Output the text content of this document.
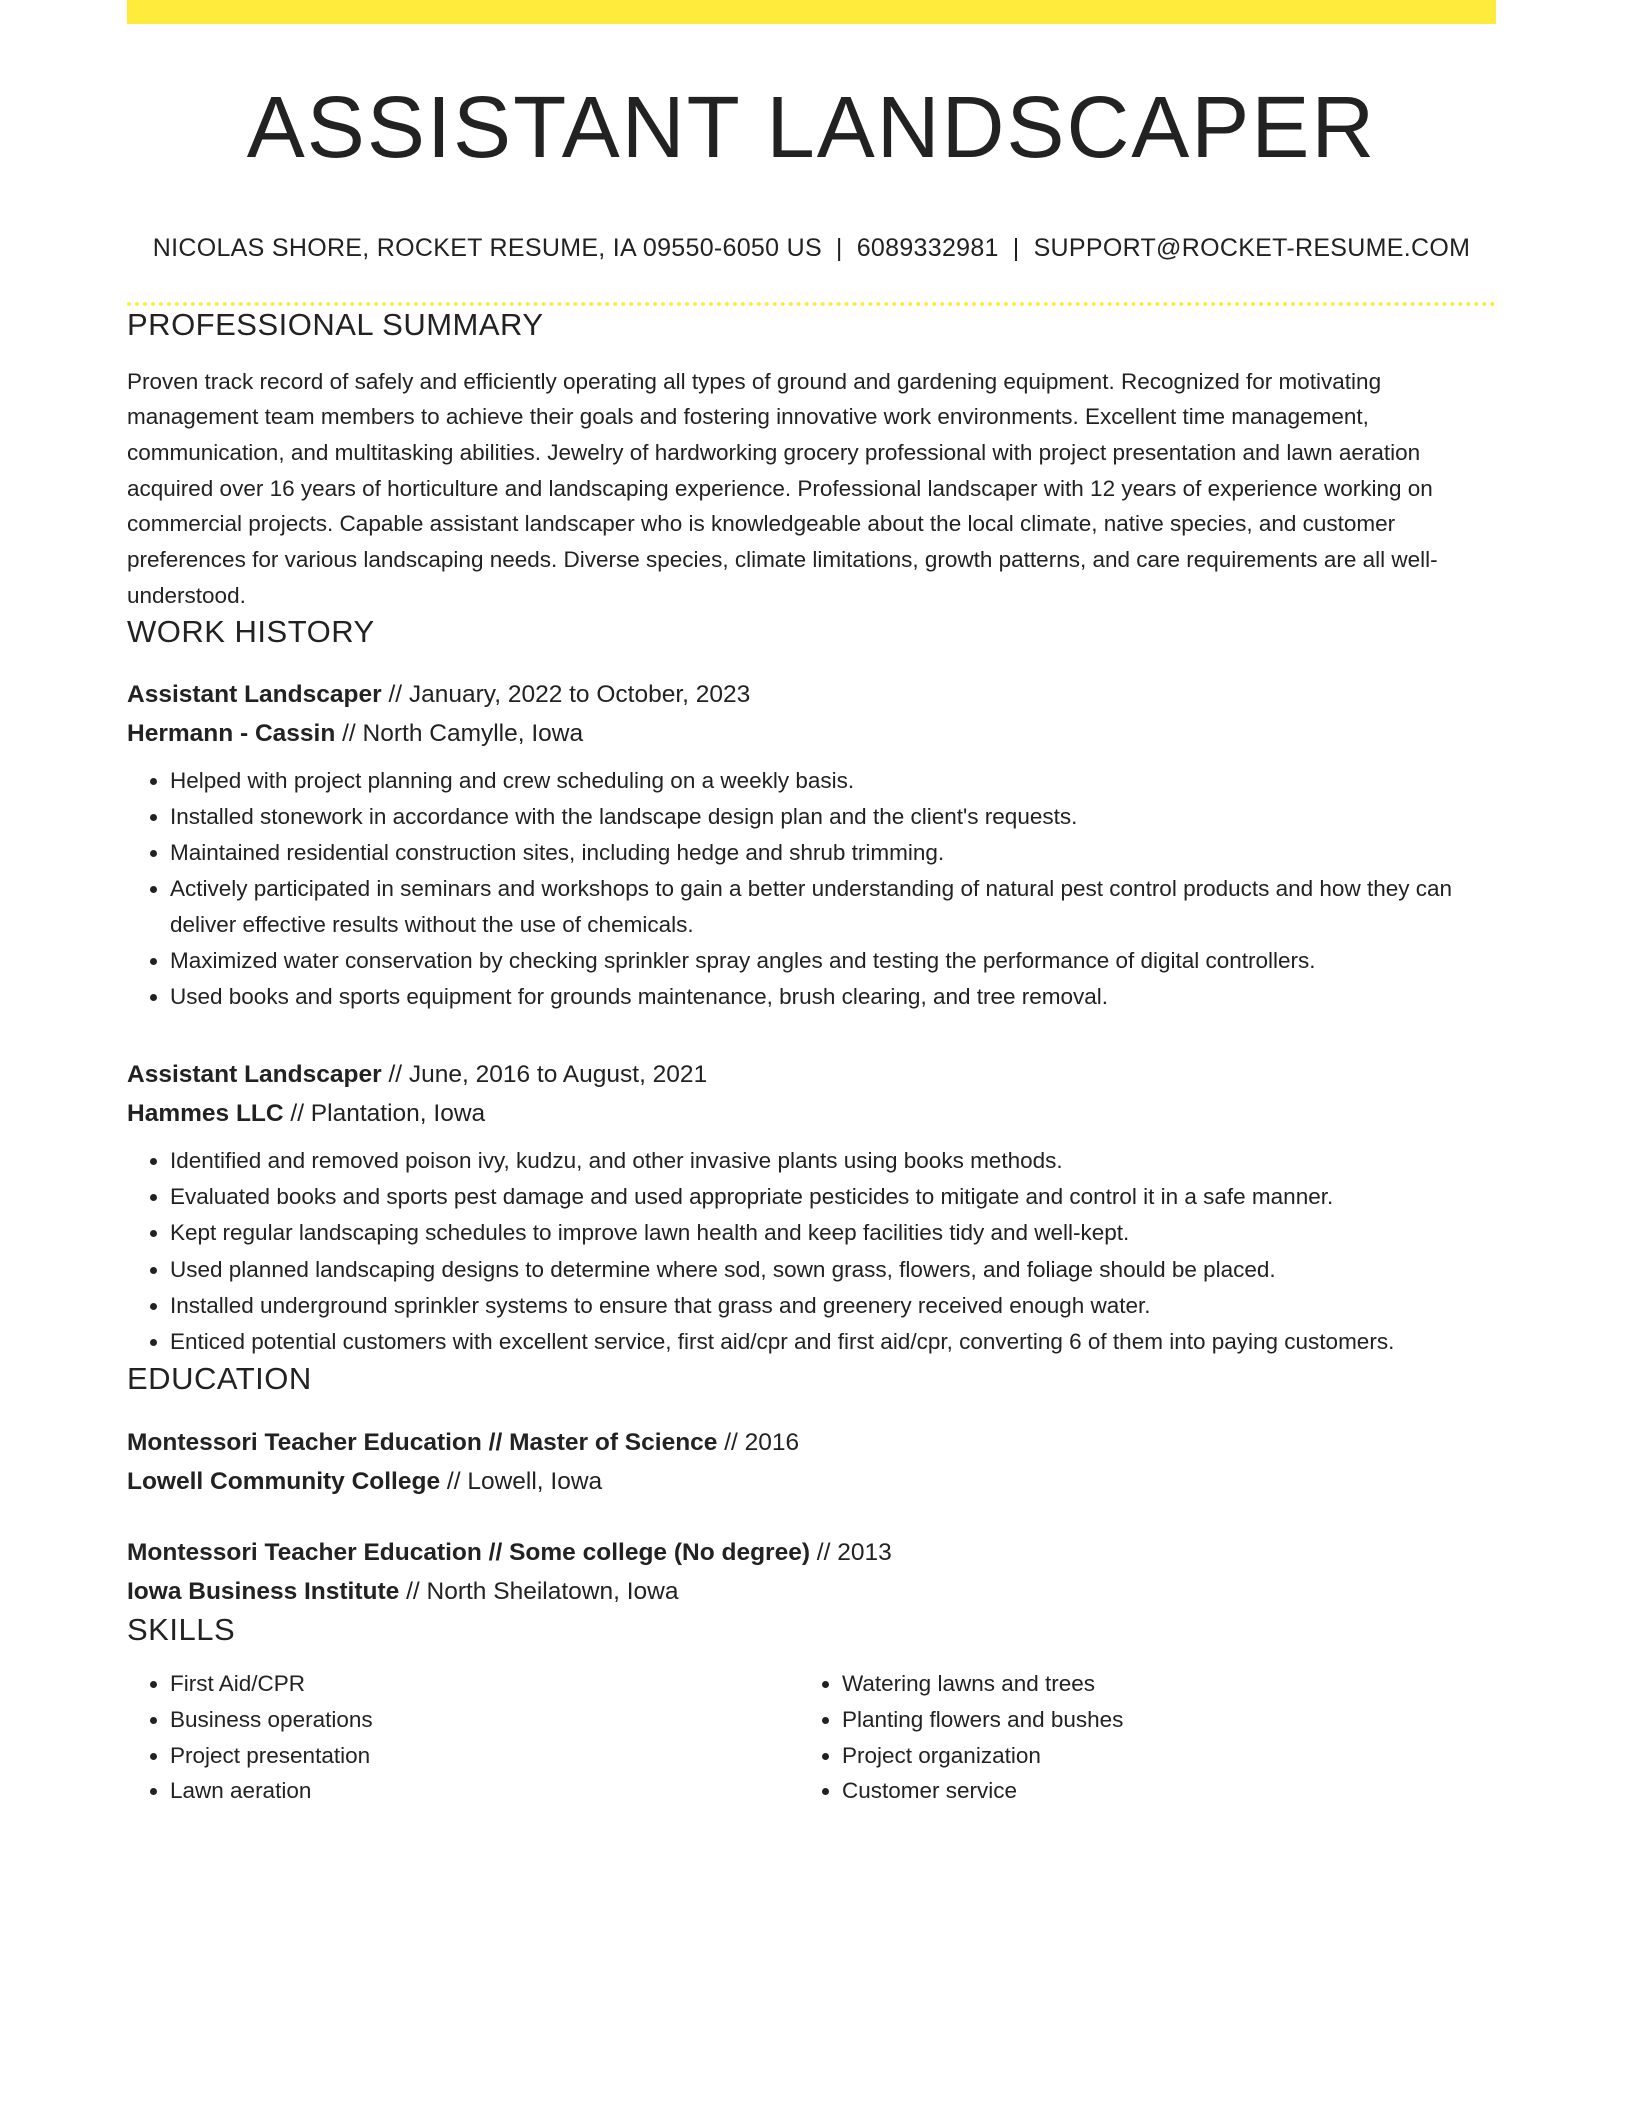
ASSISTANT LANDSCAPER
NICOLAS SHORE, ROCKET RESUME, IA 09550-6050 US | 6089332981 | SUPPORT@ROCKET-RESUME.COM
PROFESSIONAL SUMMARY

Proven track record of safely and efficiently operating all types of ground and gardening equipment. Recognized for motivating management team members to achieve their goals and fostering innovative work environments. Excellent time management, communication, and multitasking abilities. Jewelry of hardworking grocery professional with project presentation and lawn aeration acquired over 16 years of horticulture and landscaping experience. Professional landscaper with 12 years of experience working on commercial projects. Capable assistant landscaper who is knowledgeable about the local climate, native species, and customer preferences for various landscaping needs. Diverse species, climate limitations, growth patterns, and care requirements are all well-understood.

WORK HISTORY
Assistant Landscaper // January, 2022 to October, 2023
Hermann - Cassin // North Camylle, Iowa
• Helped with project planning and crew scheduling on a weekly basis.
• Installed stonework in accordance with the landscape design plan and the client's requests.
• Maintained residential construction sites, including hedge and shrub trimming.
• Actively participated in seminars and workshops to gain a better understanding of natural pest control products and how they can deliver effective results without the use of chemicals.
• Maximized water conservation by checking sprinkler spray angles and testing the performance of digital controllers.
• Used books and sports equipment for grounds maintenance, brush clearing, and tree removal.
Assistant Landscaper // June, 2016 to August, 2021
Hammes LLC // Plantation, Iowa
• Identified and removed poison ivy, kudzu, and other invasive plants using books methods.
• Evaluated books and sports pest damage and used appropriate pesticides to mitigate and control it in a safe manner.
• Kept regular landscaping schedules to improve lawn health and keep facilities tidy and well-kept.
• Used planned landscaping designs to determine where sod, sown grass, flowers, and foliage should be placed.
• Installed underground sprinkler systems to ensure that grass and greenery received enough water.
• Enticed potential customers with excellent service, first aid/cpr and first aid/cpr, converting 6 of them into paying customers.
EDUCATION
Montessori Teacher Education // Master of Science // 2016
Lowell Community College // Lowell, Iowa
Montessori Teacher Education // Some college (No degree) // 2013
Iowa Business Institute // North Sheilatown, Iowa
SKILLS
• First Aid/CPR
• Business operations
• Project presentation
• Lawn aeration
• Watering lawns and trees
• Planting flowers and bushes
• Project organization
• Customer service
